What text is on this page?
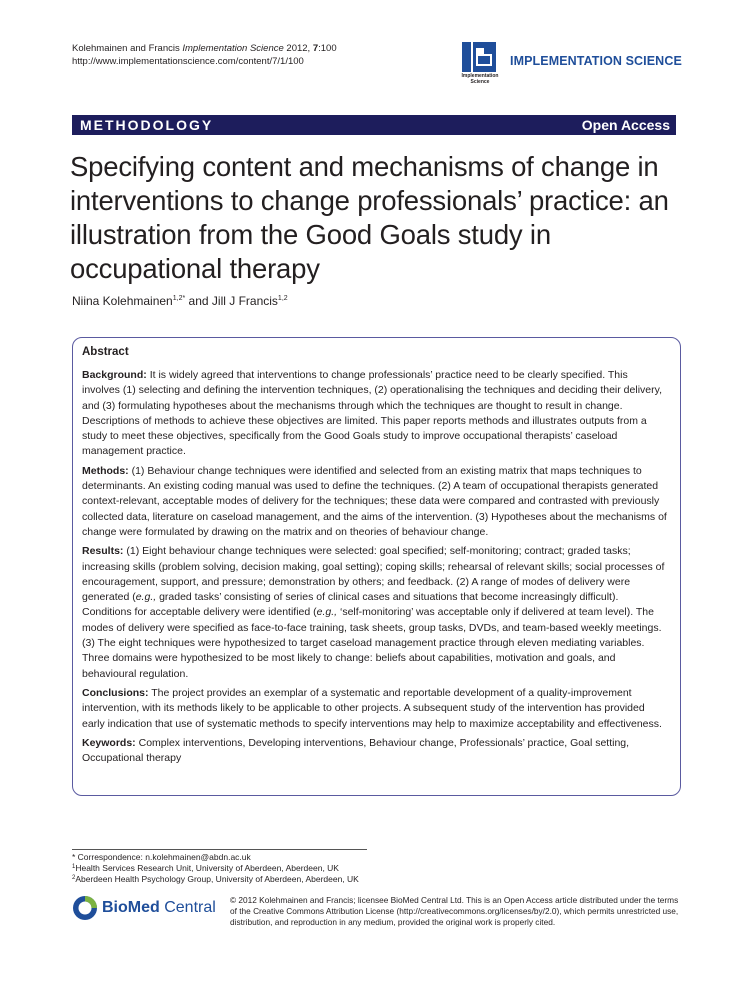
Kolehmainen and Francis Implementation Science 2012, 7:100
http://www.implementationscience.com/content/7/1/100
Implementation
Science
IMPLEMENTATION SCIENCE
METHODOLOGY	Open Access
Specifying content and mechanisms of change in interventions to change professionals’ practice: an illustration from the Good Goals study in occupational therapy
Niina Kolehmainen$^{1,2*}$ and Jill J Francis$^{1,2}$
Abstract

Background: It is widely agreed that interventions to change professionals’ practice need to be clearly specified. This involves (1) selecting and defining the intervention techniques, (2) operationalising the techniques and deciding their delivery, and (3) formulating hypotheses about the mechanisms through which the techniques are thought to result in change. Descriptions of methods to achieve these objectives are limited. This paper reports methods and illustrates outputs from a study to meet these objectives, specifically from the Good Goals study to improve occupational therapists’ caseload management practice.

Methods: (1) Behaviour change techniques were identified and selected from an existing matrix that maps techniques to determinants. An existing coding manual was used to define the techniques. (2) A team of occupational therapists generated context-relevant, acceptable modes of delivery for the techniques; these data were compared and contrasted with previously collected data, literature on caseload management, and the aims of the intervention. (3) Hypotheses about the mechanisms of change were formulated by drawing on the matrix and on theories of behaviour change.

Results: (1) Eight behaviour change techniques were selected: goal specified; self-monitoring; contract; graded tasks; increasing skills (problem solving, decision making, goal setting); coping skills; rehearsal of relevant skills; social processes of encouragement, support, and pressure; demonstration by others; and feedback. (2) A range of modes of delivery were generated (e.g., graded tasks’ consisting of series of clinical cases and situations that become increasingly difficult). Conditions for acceptable delivery were identified (e.g., ‘self-monitoring’ was acceptable only if delivered at team level). The modes of delivery were specified as face-to-face training, task sheets, group tasks, DVDs, and team-based weekly meetings. (3) The eight techniques were hypothesized to target caseload management practice through eleven mediating variables. Three domains were hypothesized to be most likely to change: beliefs about capabilities, motivation and goals, and behavioural regulation.

Conclusions: The project provides an exemplar of a systematic and reportable development of a quality-improvement intervention, with its methods likely to be applicable to other projects. A subsequent study of the intervention has provided early indication that use of systematic methods to specify interventions may help to maximize acceptability and effectiveness.

Keywords: Complex interventions, Developing interventions, Behaviour change, Professionals’ practice, Goal setting, Occupational therapy

* Correspondence: n.kolehmainen@abdn.ac.uk
$^1$Health Services Research Unit, University of Aberdeen, Aberdeen, UK
$^2$Aberdeen Health Psychology Group, University of Aberdeen, Aberdeen, UK
BioMed Central © 2012 Kolehmainen and Francis; licensee BioMed Central Ltd. This is an Open Access article distributed under the terms of the Creative Commons Attribution License (http://creativecommons.org/licenses/by/2.0), which permits unrestricted use, distribution, and reproduction in any medium, provided the original work is properly cited.
